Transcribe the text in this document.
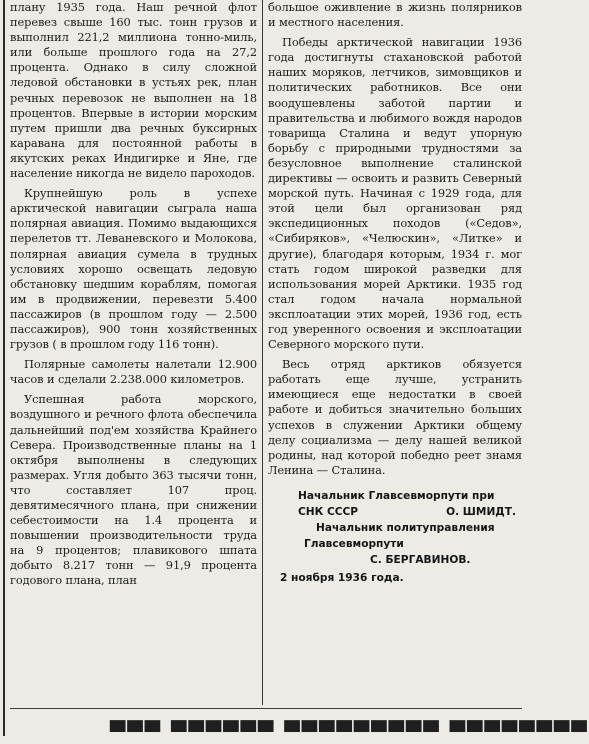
плану 1935 года. Наш речной флот перевез свыше 160 тыс. тонн грузов и выполнил 221,2 миллиона тонно-миль, или больше прошлого года на 27,2 процента. Однако в силу сложной ледовой обстановки в устьях рек, план речных перевозок не выполнен на 18 процентов. Впервые в истории морским путем пришли два речных буксирных каравана для постоянной работы в якутских реках Индигирке и Яне, где население никогда не видело пароходов.

Крупнейшую роль в успехе арктической навигации сыграла наша полярная авиация. Помимо выдающихся перелетов тт. Леваневского и Молокова, полярная авиация сумела в трудных условиях хорошо освещать ледовую обстановку шедшим кораблям, помогая им в продвижении, перевезти 5.400 пассажиров (в прошлом году — 2.500 пассажиров), 900 тонн хозяйственных грузов ( в прошлом году 116 тонн).

Полярные самолеты налетали 12.900 часов и сделали 2.238.000 километров.

Успешная работа морского, воздушного и речного флота обеспечила дальнейший под'ем хозяйства Крайнего Севера. Производственные планы на 1 октября выполнены в следующих размерах. Угля добыто 363 тысячи тонн, что составляет 107 проц. девятимесячного плана, при снижении себестоимости на 1.4 процента и повышении производительности труда на 9 процентов; плавикового шпата добыто 8.217 тонн — 91,9 процента годового плана, план

большое оживление в жизнь полярников и местного населения.

Победы арктической навигации 1936 года достигнуты стахановской работой наших моряков, летчиков, зимовщиков и политических работников. Все они воодушевлены заботой партии и правительства и любимого вождя народов товарища Сталина и ведут упорную борьбу с природными трудностями за безусловное выполнение сталинской директивы — освоить и развить Северный морской путь. Начиная с 1929 года, для этой цели был организован ряд экспедиционных походов («Седов», «Сибиряков», «Челюскин», «Литке» и другие), благодаря которым, 1934 г. мог стать годом широкой разведки для использования морей Арктики. 1935 год стал годом начала нормальной эксплоатации этих морей, 1936 год, есть год уверенного освоения и эксплоатации Северного морского пути.

Весь отряд арктиков обязуется работать еще лучше, устранить имеющиеся еще недостатки в своей работе и добиться значительно больших успехов в служении Арктики общему делу социализма — делу нашей великой родины, над которой победно реет знамя Ленина — Сталина.

Начальник Главсевморпути при
СНК СССР	О. ШМИДТ.
Начальник политуправления
Главсевморпути
С. БЕРГАВИНОВ.
2 ноября 1936 года.
▀▀▀ ▀▀▀▀▀▀ ▀▀▀▀▀▀▀▀▀ ▀▀▀▀▀▀▀▀
